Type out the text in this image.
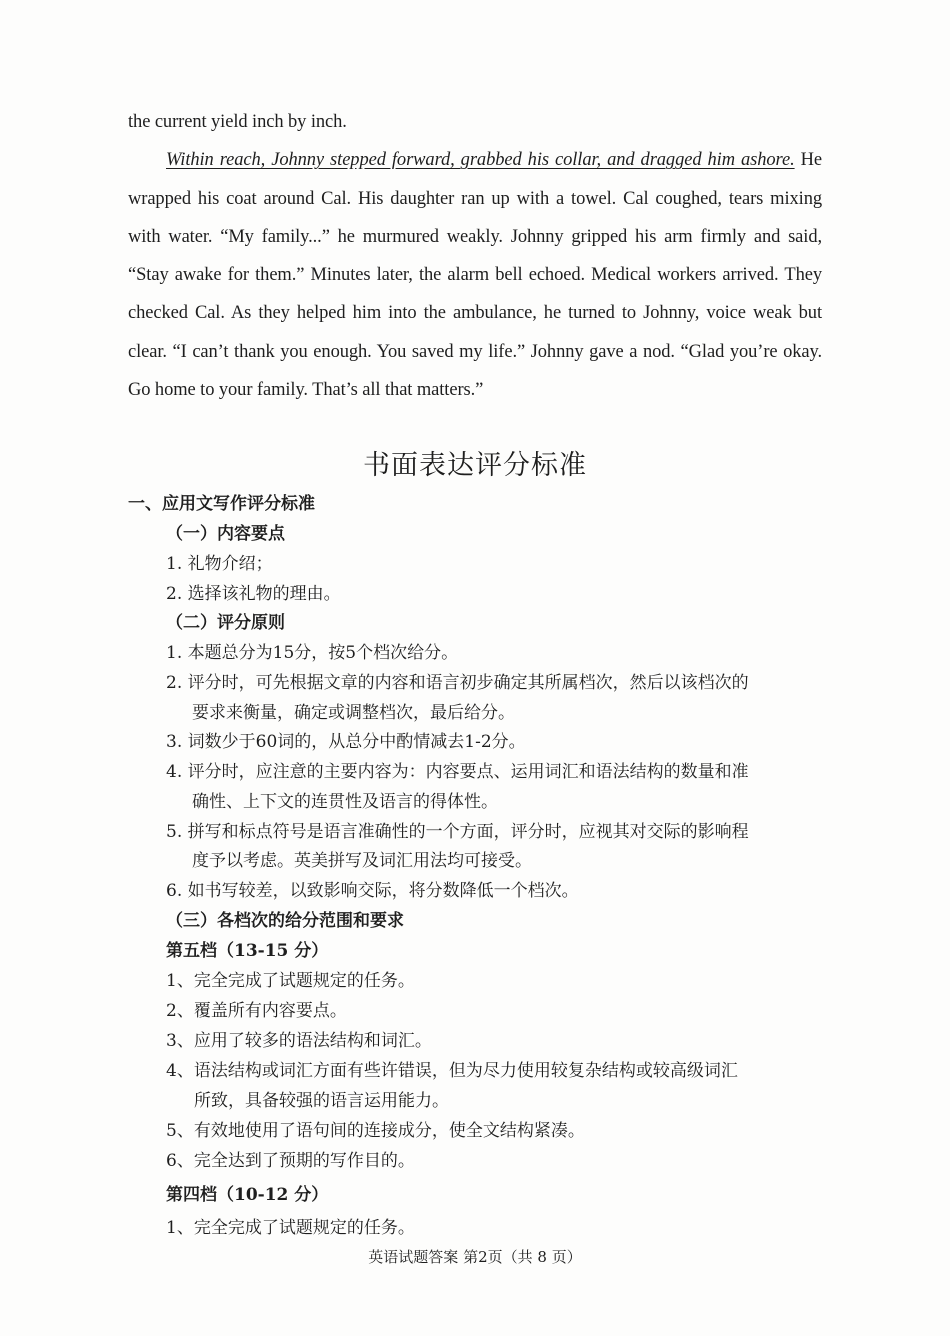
the current yield inch by inch.
Within reach, Johnny stepped forward, grabbed his collar, and dragged him ashore. He
wrapped his coat around Cal. His daughter ran up with a towel. Cal coughed, tears mixing
with water. “My family...” he murmured weakly. Johnny gripped his arm firmly and said,
“Stay awake for them.” Minutes later, the alarm bell echoed. Medical workers arrived. They
checked Cal. As they helped him into the ambulance, he turned to Johnny, voice weak but
clear. “I can’t thank you enough. You saved my life.” Johnny gave a nod. “Glad you’re okay.
Go home to your family. That’s all that matters.”
书面表达评分标准
一、应用文写作评分标准
（一）内容要点
1. 礼物介绍；
2. 选择该礼物的理由。
（二）评分原则
1. 本题总分为15分，按5个档次给分。
2. 评分时，可先根据文章的内容和语言初步确定其所属档次，然后以该档次的
要求来衡量，确定或调整档次，最后给分。
3. 词数少于60词的，从总分中酌情减去1-2分。
4. 评分时，应注意的主要内容为：内容要点、运用词汇和语法结构的数量和准
确性、上下文的连贯性及语言的得体性。
5. 拼写和标点符号是语言准确性的一个方面，评分时，应视其对交际的影响程
度予以考虑。英美拼写及词汇用法均可接受。
6. 如书写较差，以致影响交际，将分数降低一个档次。
（三）各档次的给分范围和要求
第五档（13-15 分）
1、完全完成了试题规定的任务。
2、覆盖所有内容要点。
3、应用了较多的语法结构和词汇。
4、语法结构或词汇方面有些许错误，但为尽力使用较复杂结构或较高级词汇
所致，具备较强的语言运用能力。
5、有效地使用了语句间的连接成分，使全文结构紧凑。
6、完全达到了预期的写作目的。
第四档（10-12 分）
1、完全完成了试题规定的任务。
英语试题答案 第2页（共 8 页）
